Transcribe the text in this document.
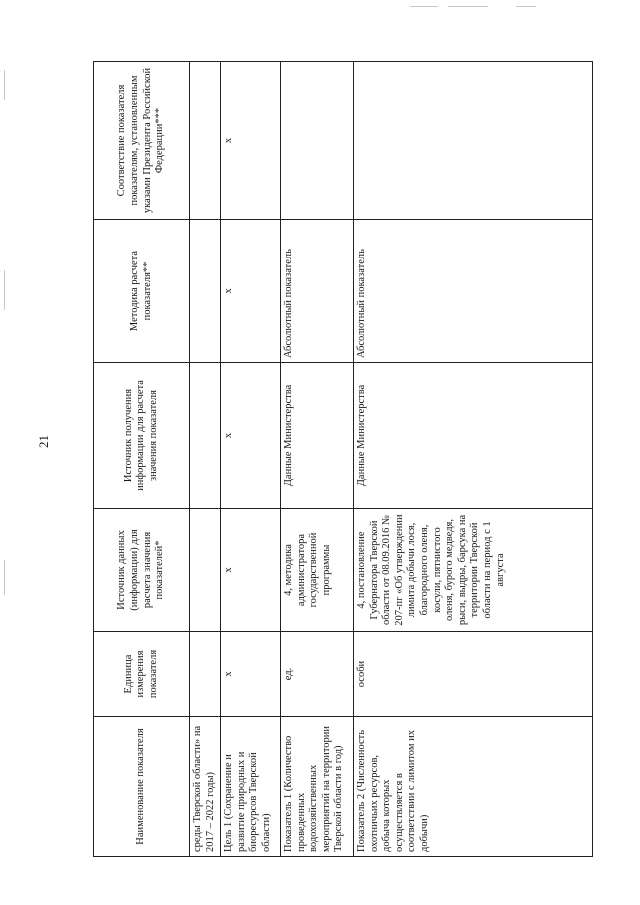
21
Наименование показателя	Единица измерения показателя	Источник данных (информации) для расчета значения показателей*	Источник получения информации для расчета значения показателя	Методика расчета показателя**	Соответствие показателя показателям, установленным указами Президента Российской Федерации***
среды Тверской области» на 2017 – 2022 годы)					
Цель 1 (Сохранение и развитие природных и биоресурсов Тверской области)	х	х	х	х	х
Показатель 1 (Количество проведенных водохозяйственных мероприятий на территории Тверской области в год)	ед.	4, методика администратора государственной программы	Данные Министерства	Абсолютный показатель	
Показатель 2 (Численность охотничьих ресурсов, добыча которых осуществляется в соответствии с лимитом их добычи)	особи	4, постановление Губернатора Тверской области от 08.09.2016 № 207-пг «Об утверждении лимита добычи лося, благородного оленя, косули, пятнистого оленя, бурого медведя, рыси, выдры, барсука на территории Тверской области на период с 1 августа	Данные Министерства	Абсолютный показатель	
